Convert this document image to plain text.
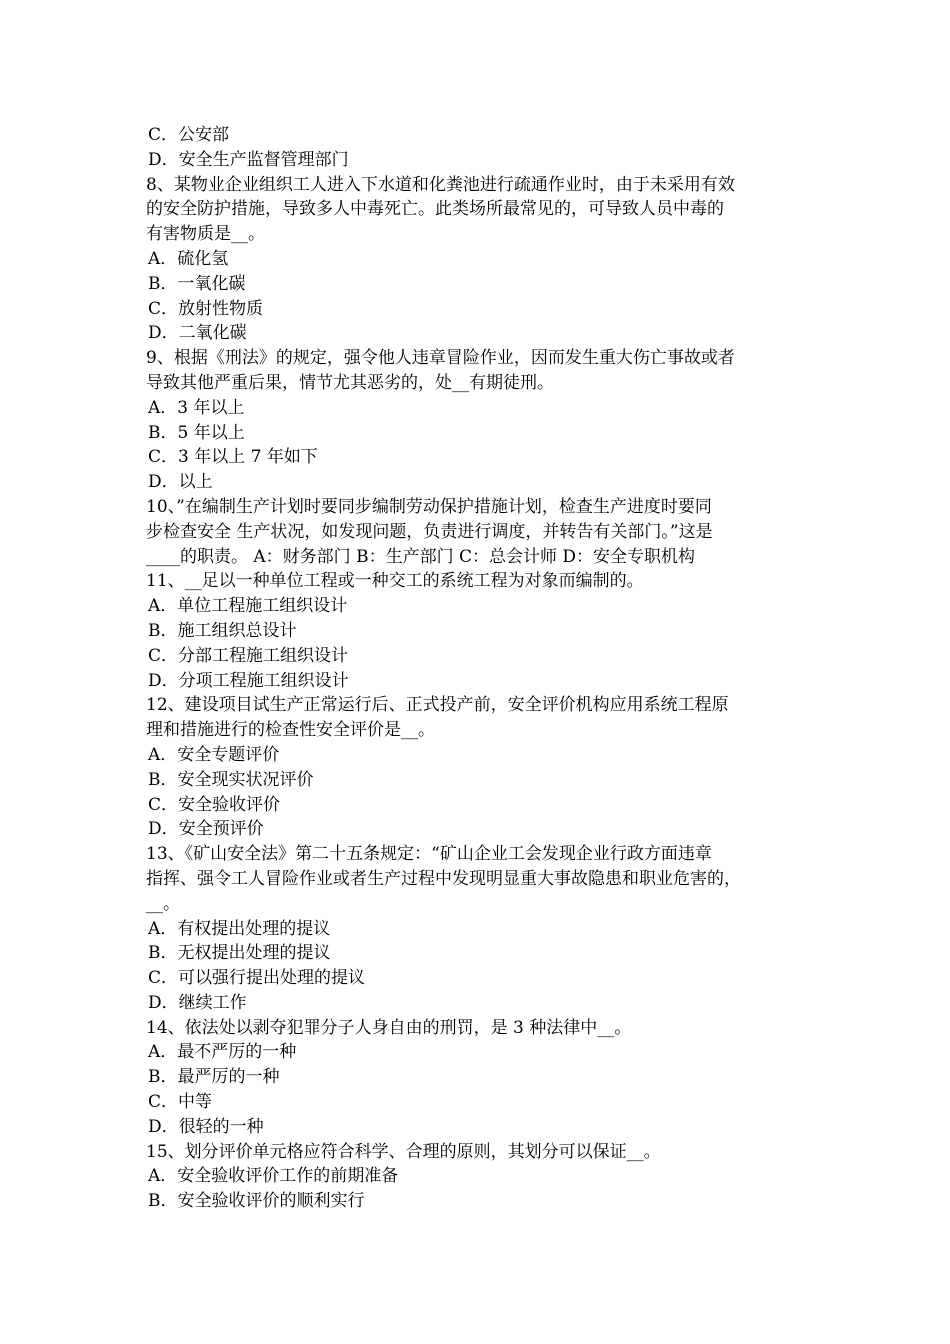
C．公安部
D．安全生产监督管理部门
8、某物业企业组织工人进入下水道和化粪池进行疏通作业时，由于未采用有效
的安全防护措施，导致多人中毒死亡。此类场所最常见的，可导致人员中毒的
有害物质是__。
A．硫化氢
B．一氧化碳
C．放射性物质
D．二氧化碳
9、根据《刑法》的规定，强令他人违章冒险作业，因而发生重大伤亡事故或者
导致其他严重后果，情节尤其恶劣的，处__有期徒刑。
A．3 年以上
B．5 年以上
C．3 年以上 7 年如下
D．以上
10、”在编制生产计划时要同步编制劳动保护措施计划，检查生产进度时要同
步检查安全 生产状况，如发现问题，负责进行调度，并转告有关部门。”这是
____的职责。 A：财务部门 B：生产部门 C：总会计师 D：安全专职机构
11、__足以一种单位工程或一种交工的系统工程为对象而编制的。
A．单位工程施工组织设计
B．施工组织总设计
C．分部工程施工组织设计
D．分项工程施工组织设计
12、建设项目试生产正常运行后、正式投产前，安全评价机构应用系统工程原
理和措施进行的检查性安全评价是__。
A．安全专题评价
B．安全现实状况评价
C．安全验收评价
D．安全预评价
13、《矿山安全法》第二十五条规定：“矿山企业工会发现企业行政方面违章
指挥、强令工人冒险作业或者生产过程中发现明显重大事故隐患和职业危害的，
__。
A．有权提出处理的提议
B．无权提出处理的提议
C．可以强行提出处理的提议
D．继续工作
14、依法处以剥夺犯罪分子人身自由的刑罚，是 3 种法律中__。
A．最不严厉的一种
B．最严厉的一种
C．中等
D．很轻的一种
15、划分评价单元格应符合科学、合理的原则，其划分可以保证__。
A．安全验收评价工作的前期准备
B．安全验收评价的顺利实行
